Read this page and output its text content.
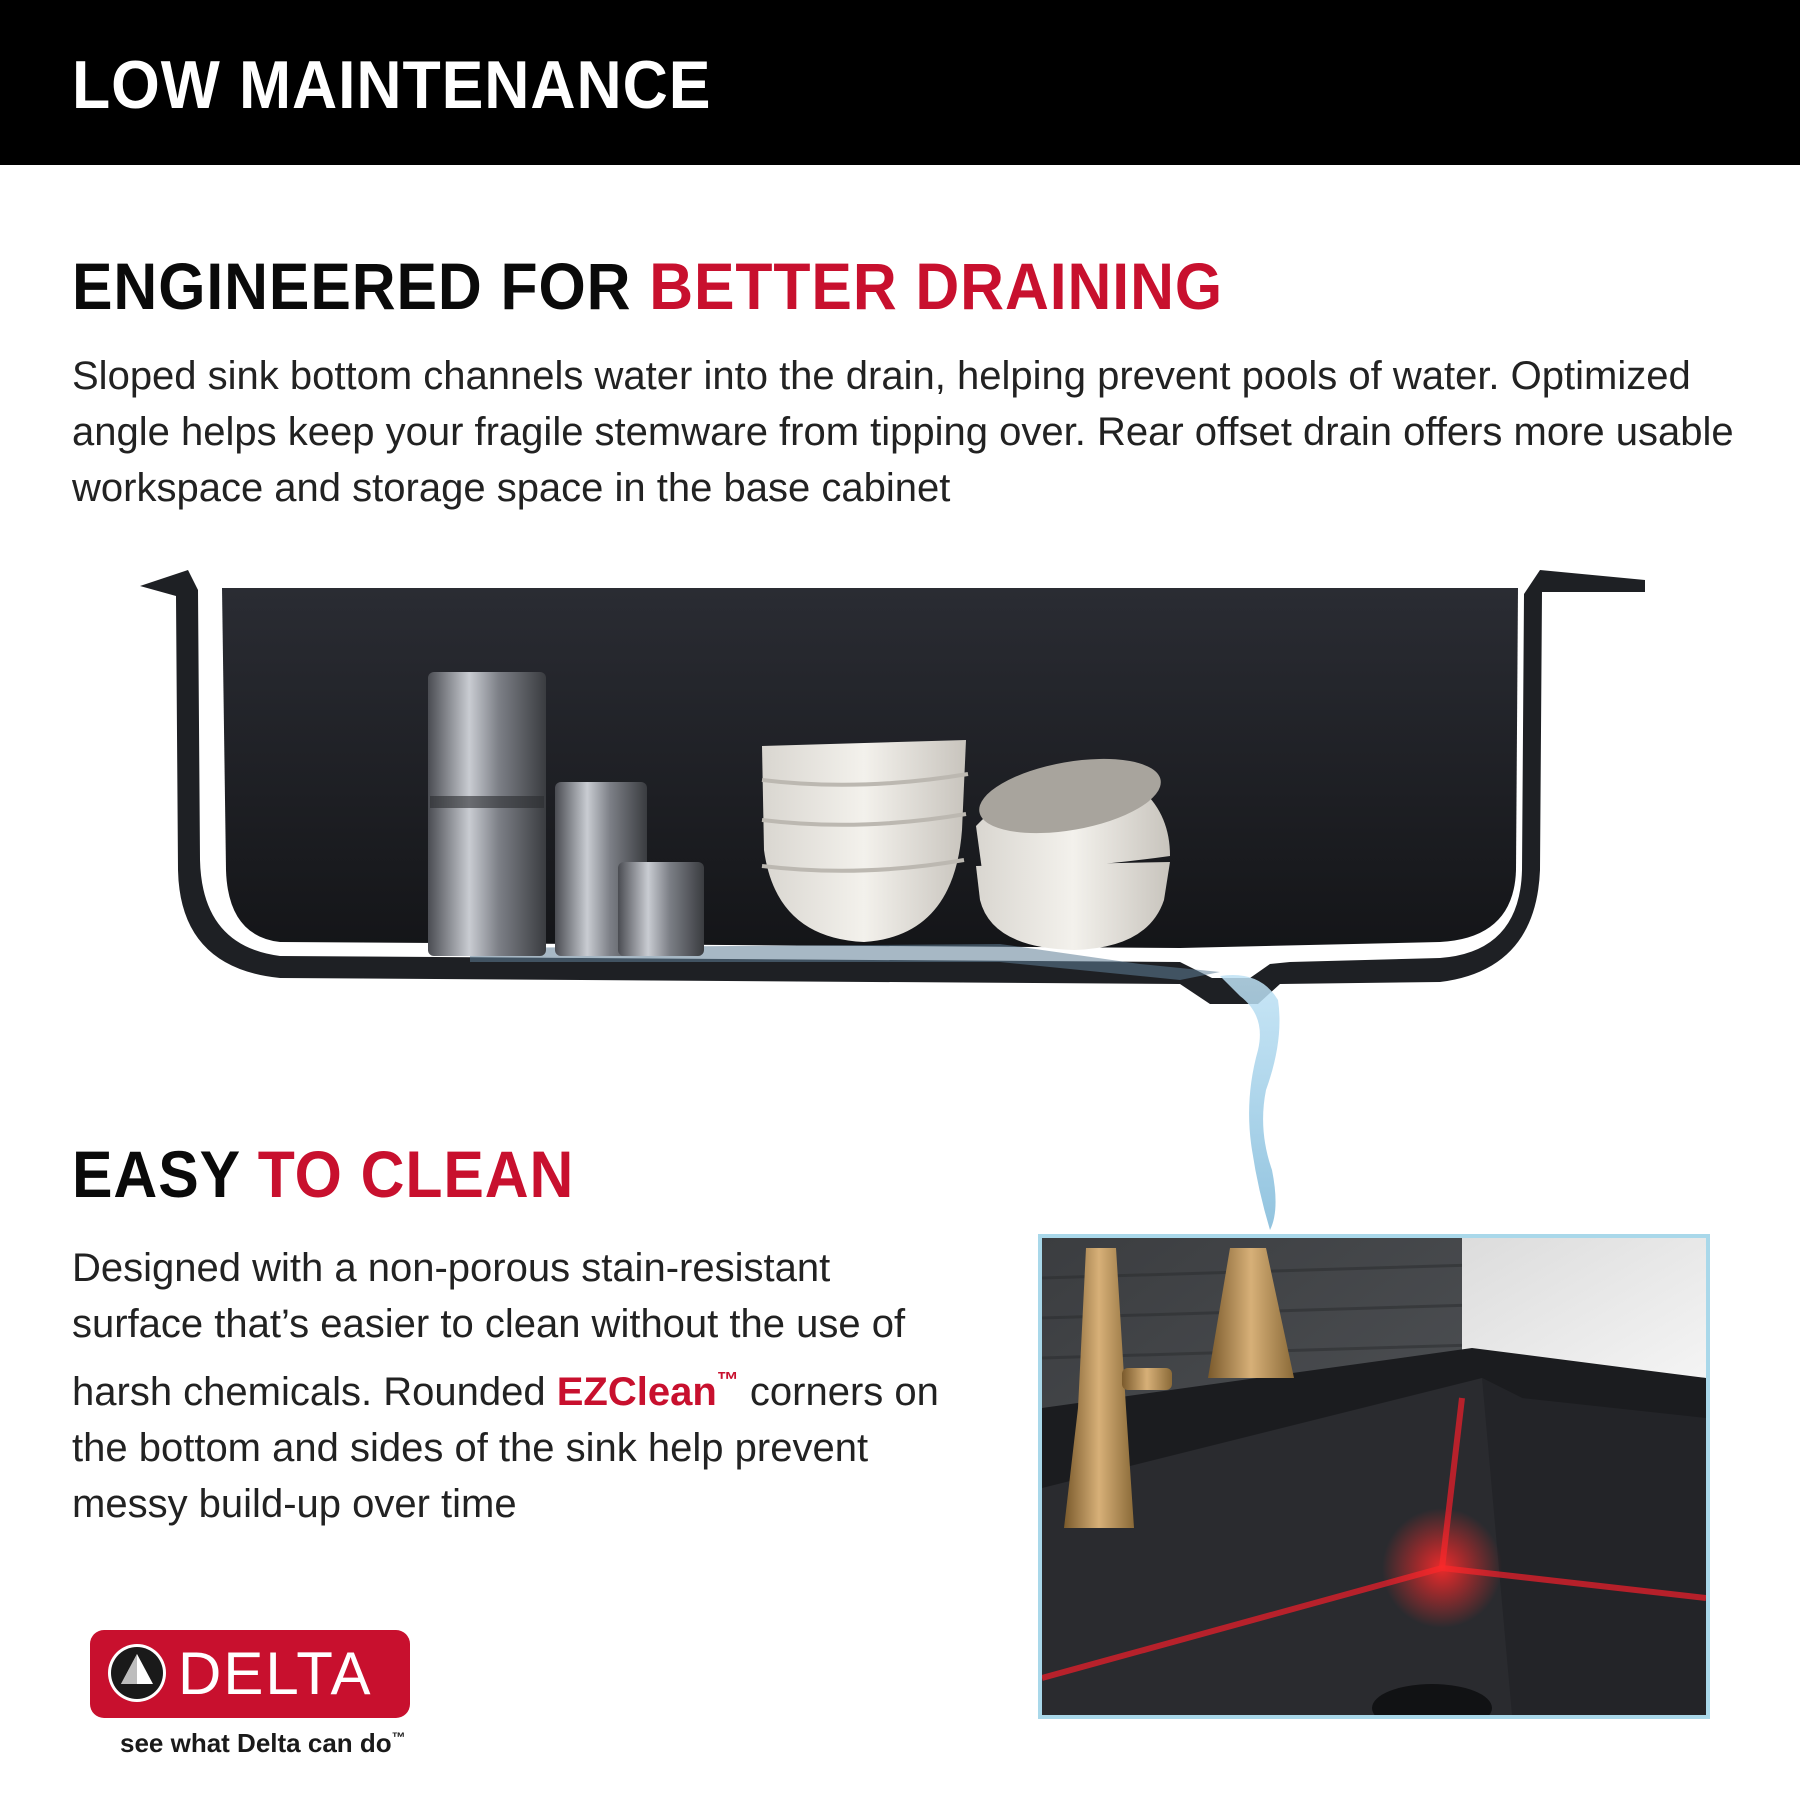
LOW MAINTENANCE
ENGINEERED FOR BETTER DRAINING

Sloped sink bottom channels water into the drain, helping prevent pools of water. Optimized angle helps keep your fragile stemware from tipping over. Rear offset drain offers more usable workspace and storage space in the base cabinet

EASY TO CLEAN

Designed with a non-porous stain-resistant surface that’s easier to clean without the use of harsh chemicals. Rounded EZClean™ corners on the bottom and sides of the sink help prevent messy build-up over time

DELTA
see what Delta can do™
